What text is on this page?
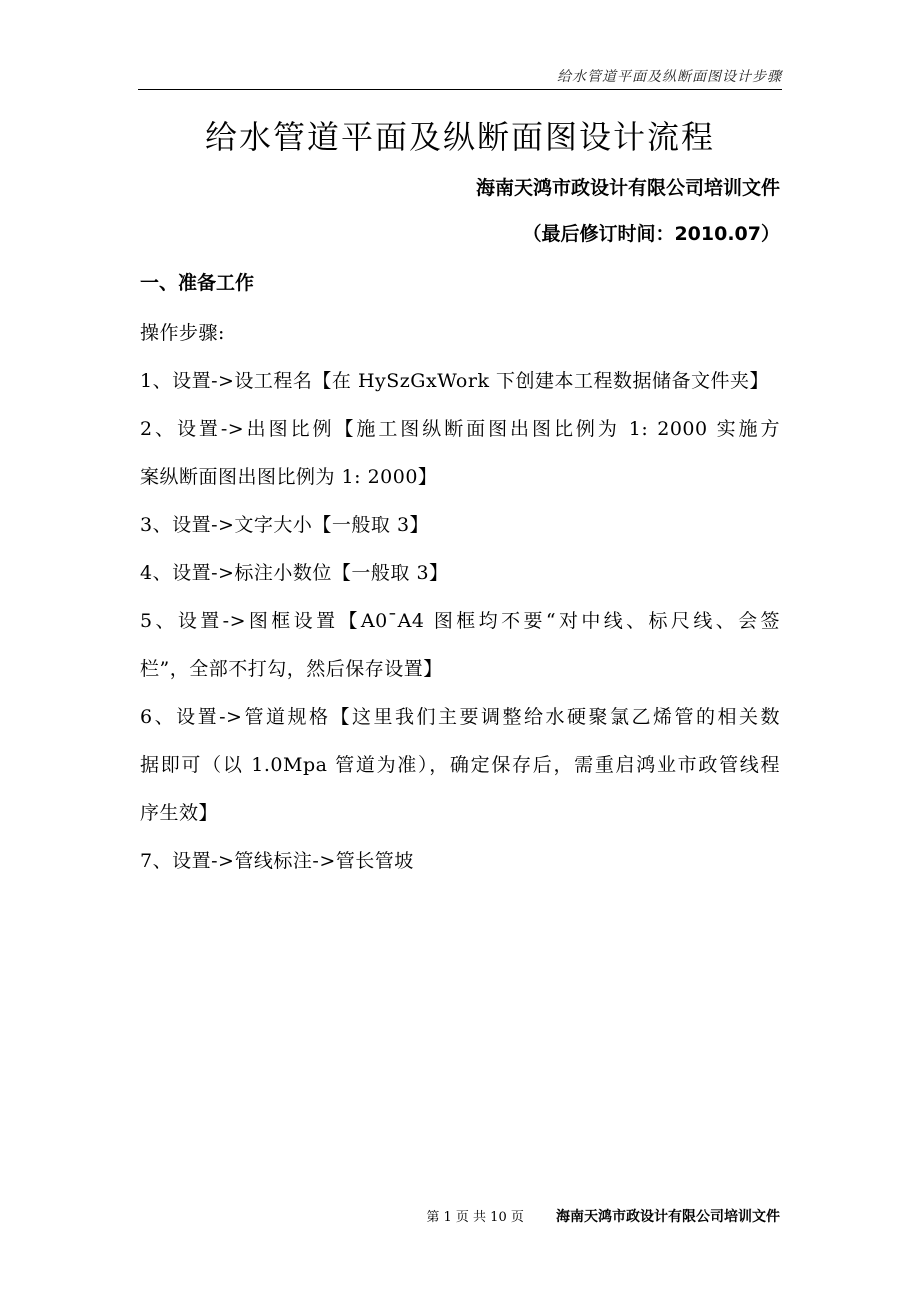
给水管道平面及纵断面图设计步骤
给水管道平面及纵断面图设计流程
海南天鸿市政设计有限公司培训文件
（最后修订时间：2010.07）
一、准备工作
操作步骤:
1、设置->设工程名【在 HySzGxWork 下创建本工程数据储备文件夹】
2、设置->出图比例【施工图纵断面图出图比例为 1: 2000 实施方
案纵断面图出图比例为 1: 2000】
3、设置->文字大小【一般取 3】
4、设置->标注小数位【一般取 3】
5、设置->图框设置【A0ˉA4 图框均不要“对中线、标尺线、会签
栏”，全部不打勾，然后保存设置】
6、设置->管道规格【这里我们主要调整给水硬聚氯乙烯管的相关数
据即可（以 1.0Mpa 管道为准），确定保存后，需重启鸿业市政管线程
序生效】
7、设置->管线标注->管长管坡
第 1 页 共 10 页 海南天鸿市政设计有限公司培训文件
